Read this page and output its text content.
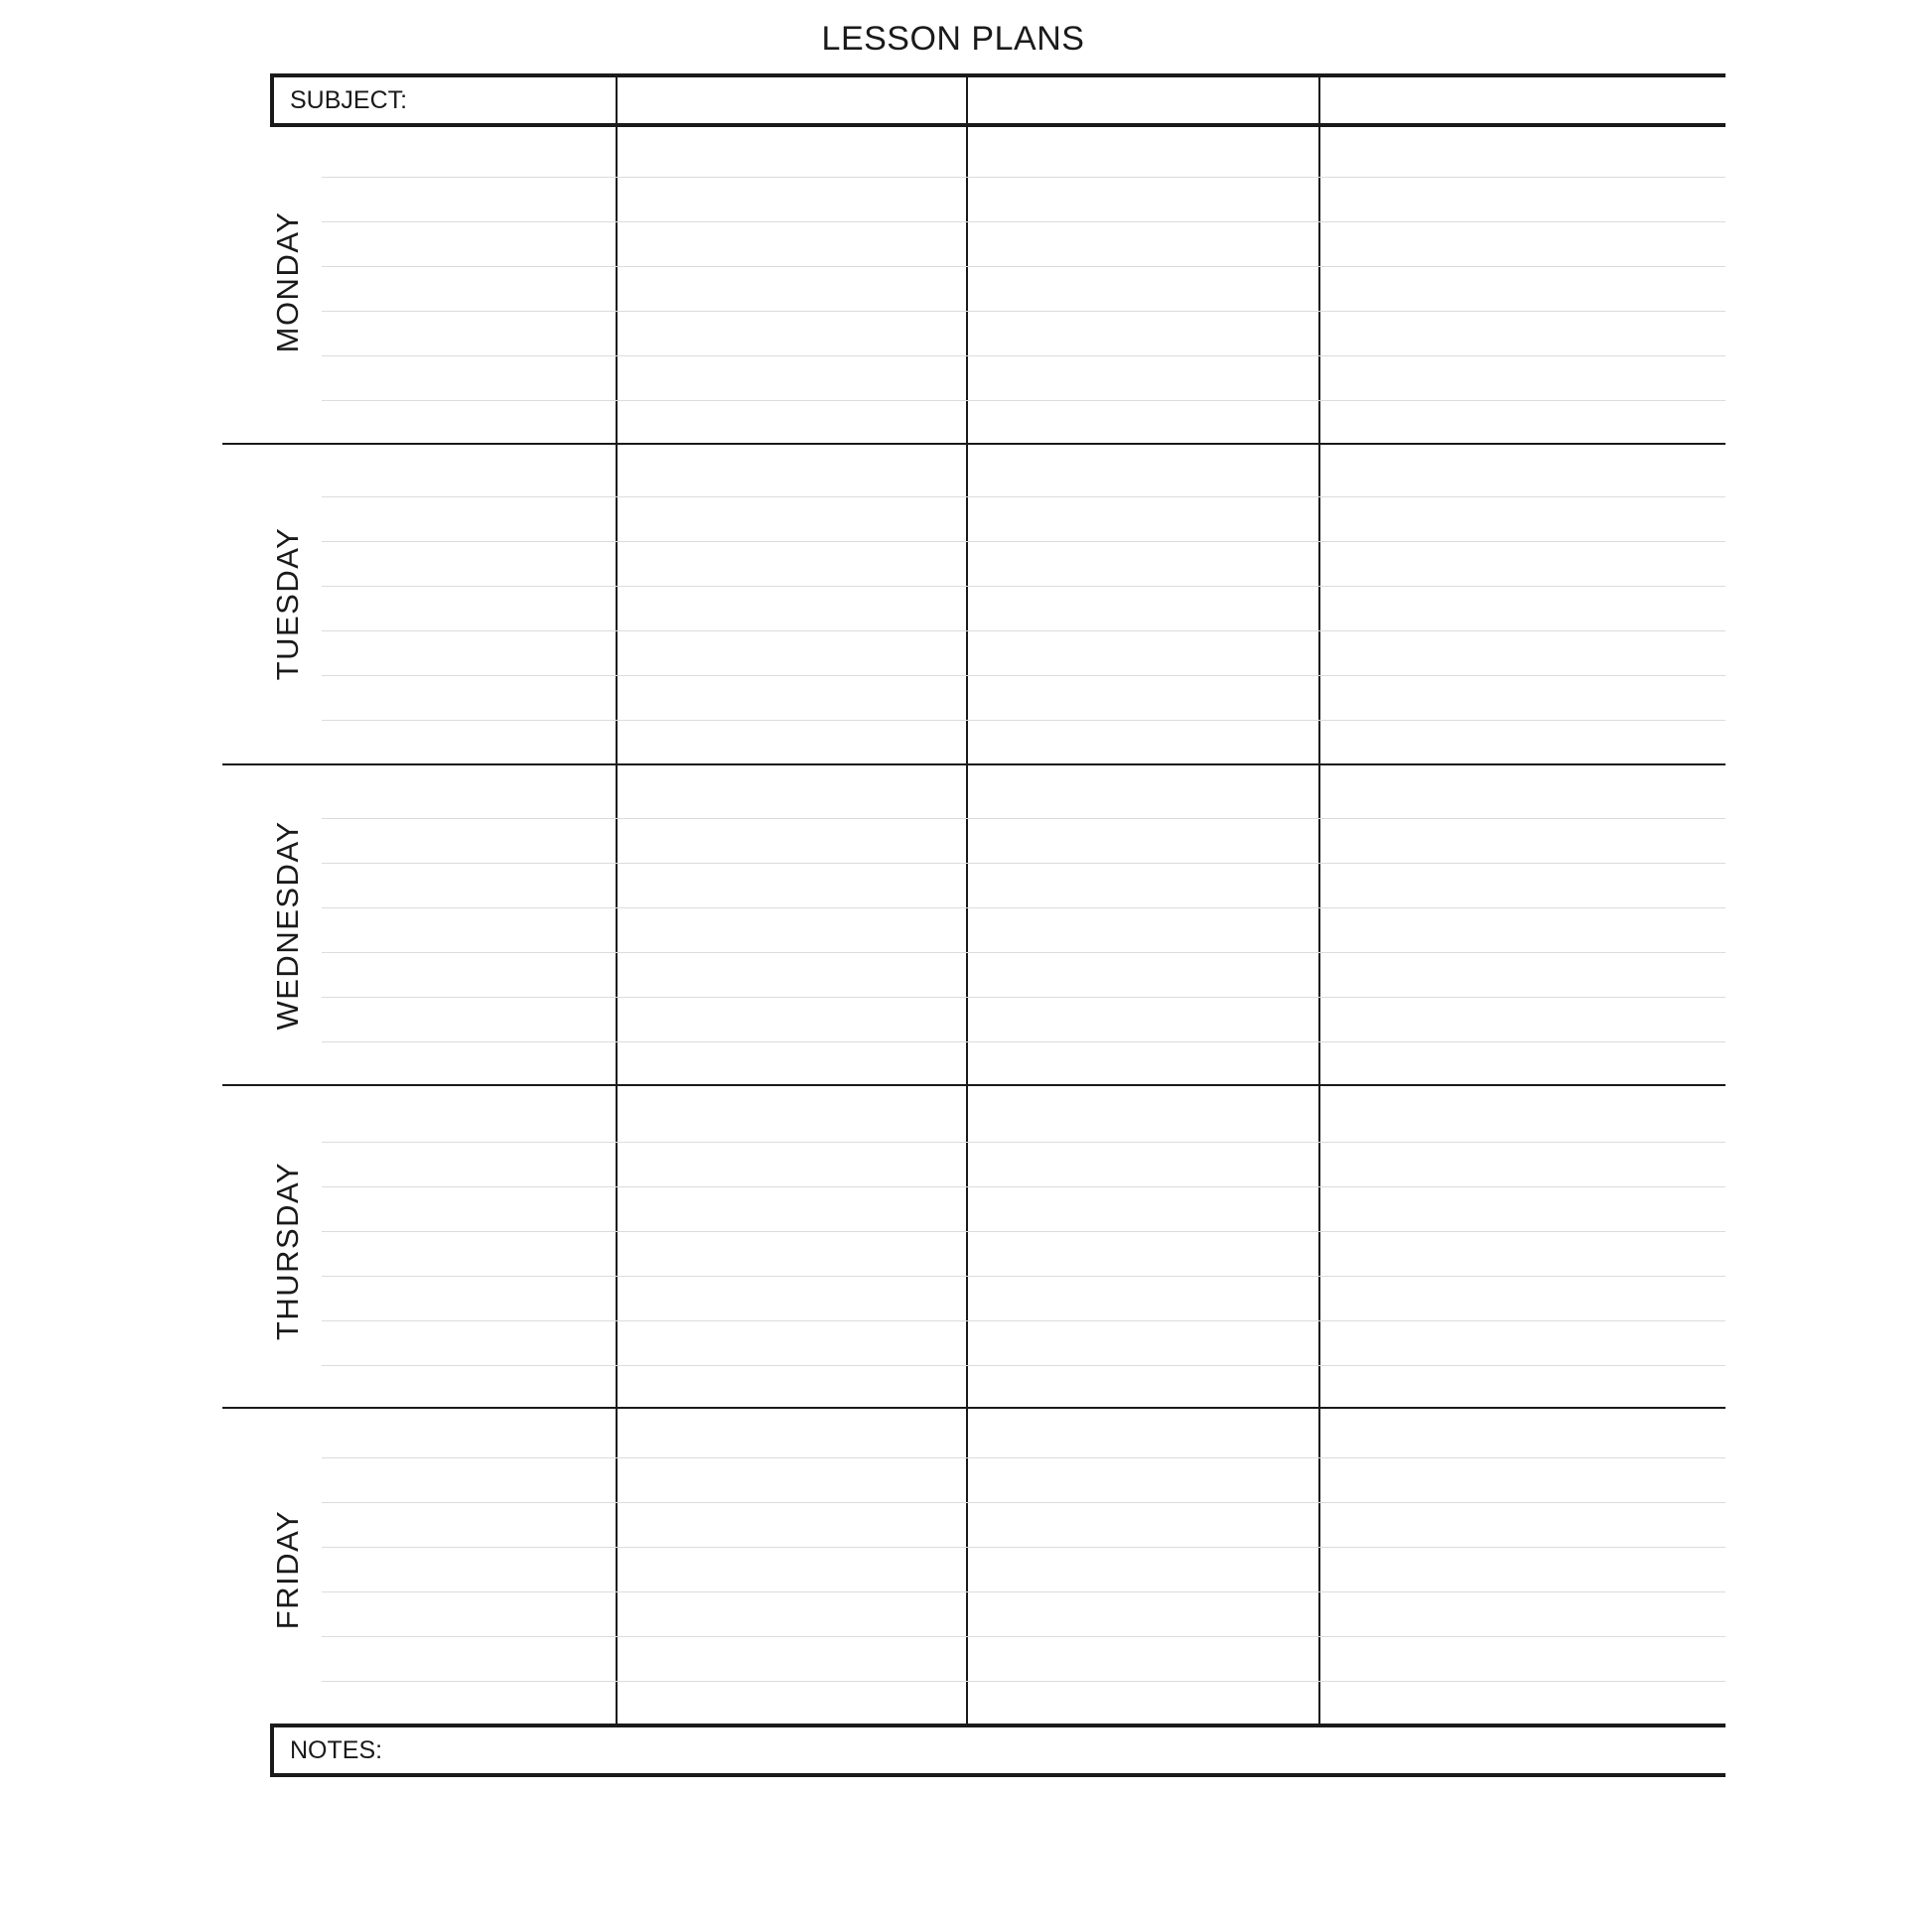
LESSON PLANS
SUBJECT:
MONDAY
TUESDAY
WEDNESDAY
THURSDAY
FRIDAY
NOTES:
